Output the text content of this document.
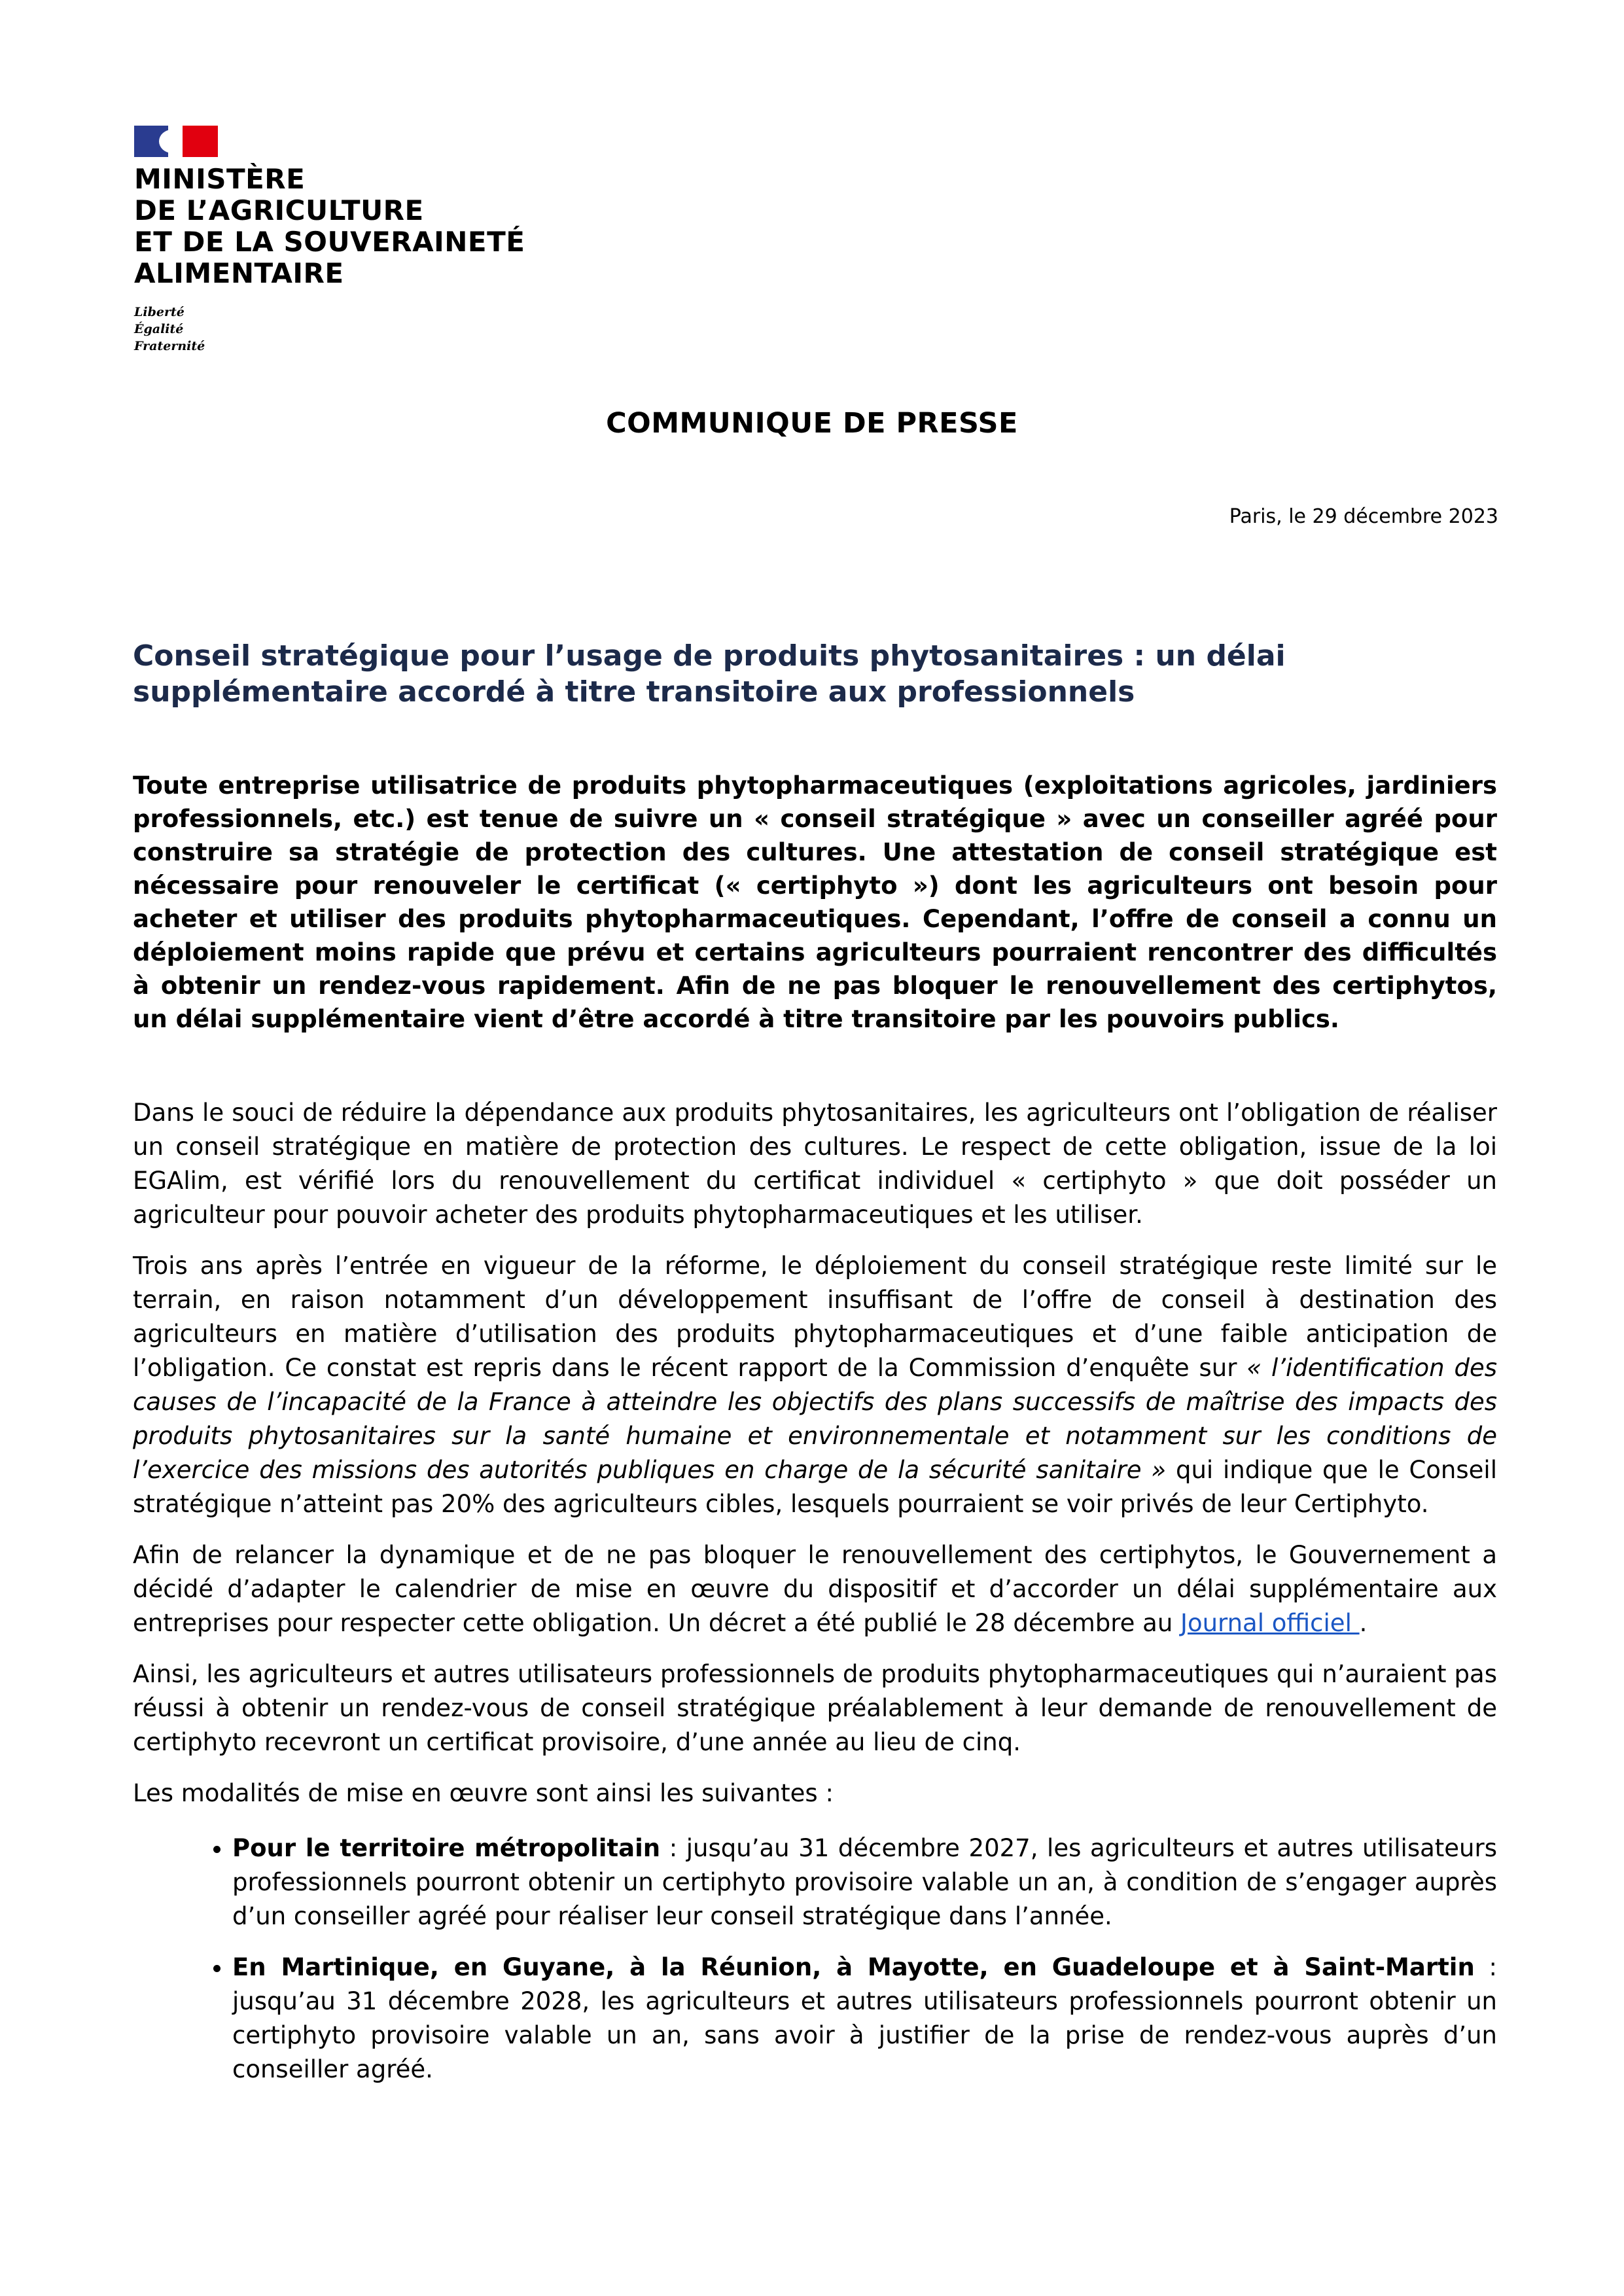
MINISTÈRE
DE L’AGRICULTURE
ET DE LA SOUVERAINETÉ
ALIMENTAIRE
Liberté
Égalité
Fraternité
COMMUNIQUE DE PRESSE
Paris, le 29 décembre 2023
Conseil stratégique pour l’usage de produits phytosanitaires : un délai supplémentaire accordé à titre transitoire aux professionnels

Toute entreprise utilisatrice de produits phytopharmaceutiques (exploitations agricoles, jardiniers professionnels, etc.) est tenue de suivre un « conseil stratégique » avec un conseiller agréé pour construire sa stratégie de protection des cultures. Une attestation de conseil stratégique est nécessaire pour renouveler le certificat (« certiphyto ») dont les agriculteurs ont besoin pour acheter et utiliser des produits phytopharmaceutiques. Cependant, l’offre de conseil a connu un déploiement moins rapide que prévu et certains agriculteurs pourraient rencontrer des difficultés à obtenir un rendez-vous rapidement. Afin de ne pas bloquer le renouvellement des certiphytos, un délai supplémentaire vient d’être accordé à titre transitoire par les pouvoirs publics.

Dans le souci de réduire la dépendance aux produits phytosanitaires, les agriculteurs ont l’obligation de réaliser un conseil stratégique en matière de protection des cultures. Le respect de cette obligation, issue de la loi EGAlim, est vérifié lors du renouvellement du certificat individuel « certiphyto » que doit posséder un agriculteur pour pouvoir acheter des produits phytopharmaceutiques et les utiliser.

Trois ans après l’entrée en vigueur de la réforme, le déploiement du conseil stratégique reste limité sur le terrain, en raison notamment d’un développement insuffisant de l’offre de conseil à destination des agriculteurs en matière d’utilisation des produits phytopharmaceutiques et d’une faible anticipation de l’obligation. Ce constat est repris dans le récent rapport de la Commission d’enquête sur « l’identification des causes de l’incapacité de la France à atteindre les objectifs des plans successifs de maîtrise des impacts des produits phytosanitaires sur la santé humaine et environnementale et notamment sur les conditions de l’exercice des missions des autorités publiques en charge de la sécurité sanitaire » qui indique que le Conseil stratégique n’atteint pas 20% des agriculteurs cibles, lesquels pourraient se voir privés de leur Certiphyto.

Afin de relancer la dynamique et de ne pas bloquer le renouvellement des certiphytos, le Gouvernement a décidé d’adapter le calendrier de mise en œuvre du dispositif et d’accorder un délai supplémentaire aux entreprises pour respecter cette obligation. Un décret a été publié le 28 décembre au Journal officiel .

Ainsi, les agriculteurs et autres utilisateurs professionnels de produits phytopharmaceutiques qui n’auraient pas réussi à obtenir un rendez-vous de conseil stratégique préalablement à leur demande de renouvellement de certiphyto recevront un certificat provisoire, d’une année au lieu de cinq.

Les modalités de mise en œuvre sont ainsi les suivantes :

• Pour le territoire métropolitain : jusqu’au 31 décembre 2027, les agriculteurs et autres utilisateurs professionnels pourront obtenir un certiphyto provisoire valable un an, à condition de s’engager auprès d’un conseiller agréé pour réaliser leur conseil stratégique dans l’année.
• En Martinique, en Guyane, à la Réunion, à Mayotte, en Guadeloupe et à Saint-Martin : jusqu’au 31 décembre 2028, les agriculteurs et autres utilisateurs professionnels pourront obtenir un certiphyto provisoire valable un an, sans avoir à justifier de la prise de rendez-vous auprès d’un conseiller agréé.
